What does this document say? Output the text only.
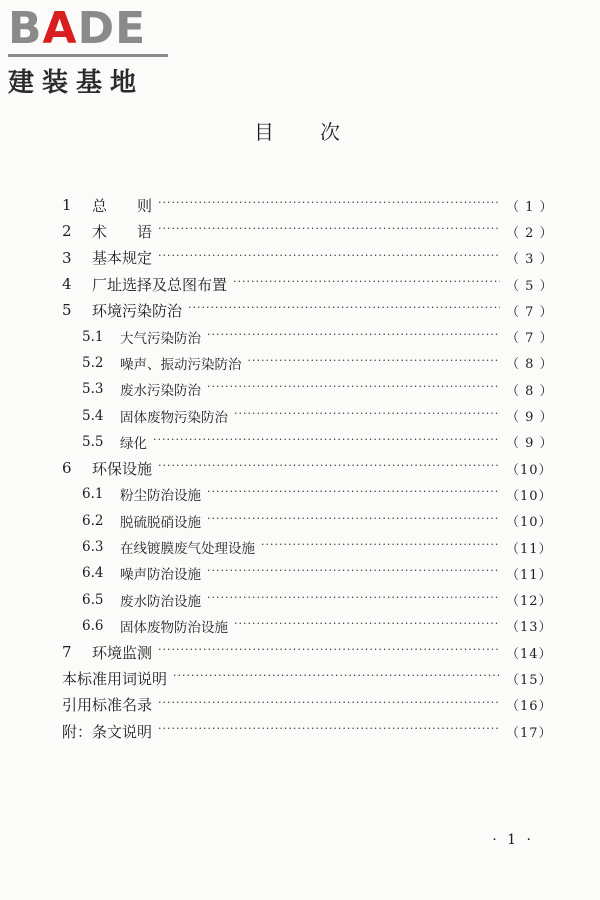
BADE
建装基地
目次
1	总　　则 ·····	（ 1 ）
2	术　　语 ·····	（ 2 ）
3	基本规定 ·····	（ 3 ）
4	厂址选择及总图布置 ·····	（ 5 ）
5	环境污染防治 ·····	（ 7 ）
5.1	大气污染防治 ·····	（ 7 ）
5.2	噪声、振动污染防治 ·····	（ 8 ）
5.3	废水污染防治 ·····	（ 8 ）
5.4	固体废物污染防治 ·····	（ 9 ）
5.5	绿化 ·····	（ 9 ）
6	环保设施 ·····	（10）
6.1	粉尘防治设施 ·····	（10）
6.2	脱硫脱硝设施 ·····	（10）
6.3	在线镀膜废气处理设施 ·····	（11）
6.4	噪声防治设施 ·····	（11）
6.5	废水防治设施 ·····	（12）
6.6	固体废物防治设施 ·····	（13）
7	环境监测 ·····	（14）
本标准用词说明 ·····	（15）
引用标准名录 ·····	（16）
附：条文说明 ·····	（17）
· 1 ·
